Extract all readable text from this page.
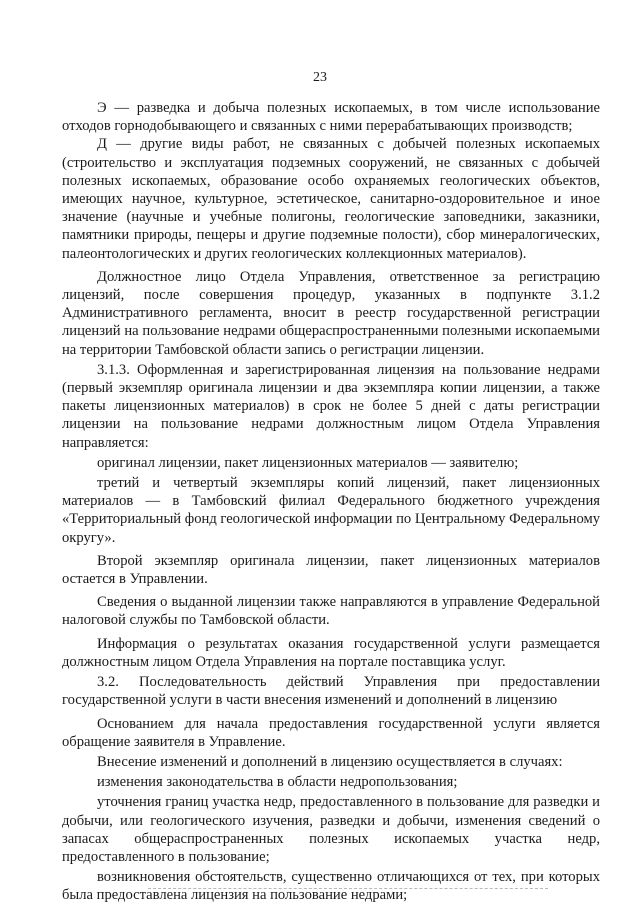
23

Э — разведка и добыча полезных ископаемых, в том числе использование отходов горнодобывающего и связанных с ними перерабатывающих производств;

Д — другие виды работ, не связанных с добычей полезных ископаемых (строительство и эксплуатация подземных сооружений, не связанных с добычей полезных ископаемых, образование особо охраняемых геологических объектов, имеющих научное, культурное, эстетическое, санитарно-оздоровительное и иное значение (научные и учебные полигоны, геологические заповедники, заказники, памятники природы, пещеры и другие подземные полости), сбор минералогических, палеонтологических и других геологических коллекционных материалов).

Должностное лицо Отдела Управления, ответственное за регистрацию лицензий, после совершения процедур, указанных в подпункте 3.1.2 Административного регламента, вносит в реестр государственной регистрации лицензий на пользование недрами общераспространенными полезными ископаемыми на территории Тамбовской области запись о регистрации лицензии.

3.1.3. Оформленная и зарегистрированная лицензия на пользование недрами (первый экземпляр оригинала лицензии и два экземпляра копии лицензии, а также пакеты лицензионных материалов) в срок не более 5 дней с даты регистрации лицензии на пользование недрами должностным лицом Отдела Управления направляется:

оригинал лицензии, пакет лицензионных материалов — заявителю;

третий и четвертый экземпляры копий лицензий, пакет лицензионных материалов — в Тамбовский филиал Федерального бюджетного учреждения «Территориальный фонд геологической информации по Центральному Федеральному округу».

Второй экземпляр оригинала лицензии, пакет лицензионных материалов остается в Управлении.

Сведения о выданной лицензии также направляются в управление Федеральной налоговой службы по Тамбовской области.

Информация о результатах оказания государственной услуги размещается должностным лицом Отдела Управления на портале поставщика услуг.

3.2. Последовательность действий Управления при предоставлении государственной услуги в части внесения изменений и дополнений в лицензию

Основанием для начала предоставления государственной услуги является обращение заявителя в Управление.

Внесение изменений и дополнений в лицензию осуществляется в случаях:

изменения законодательства в области недропользования;

уточнения границ участка недр, предоставленного в пользование для разведки и добычи, или геологического изучения, разведки и добычи, изменения сведений о запасах общераспространенных полезных ископаемых участка недр, предоставленного в пользование;

возникновения обстоятельств, существенно отличающихся от тех, при которых была предоставлена лицензия на пользование недрами;
